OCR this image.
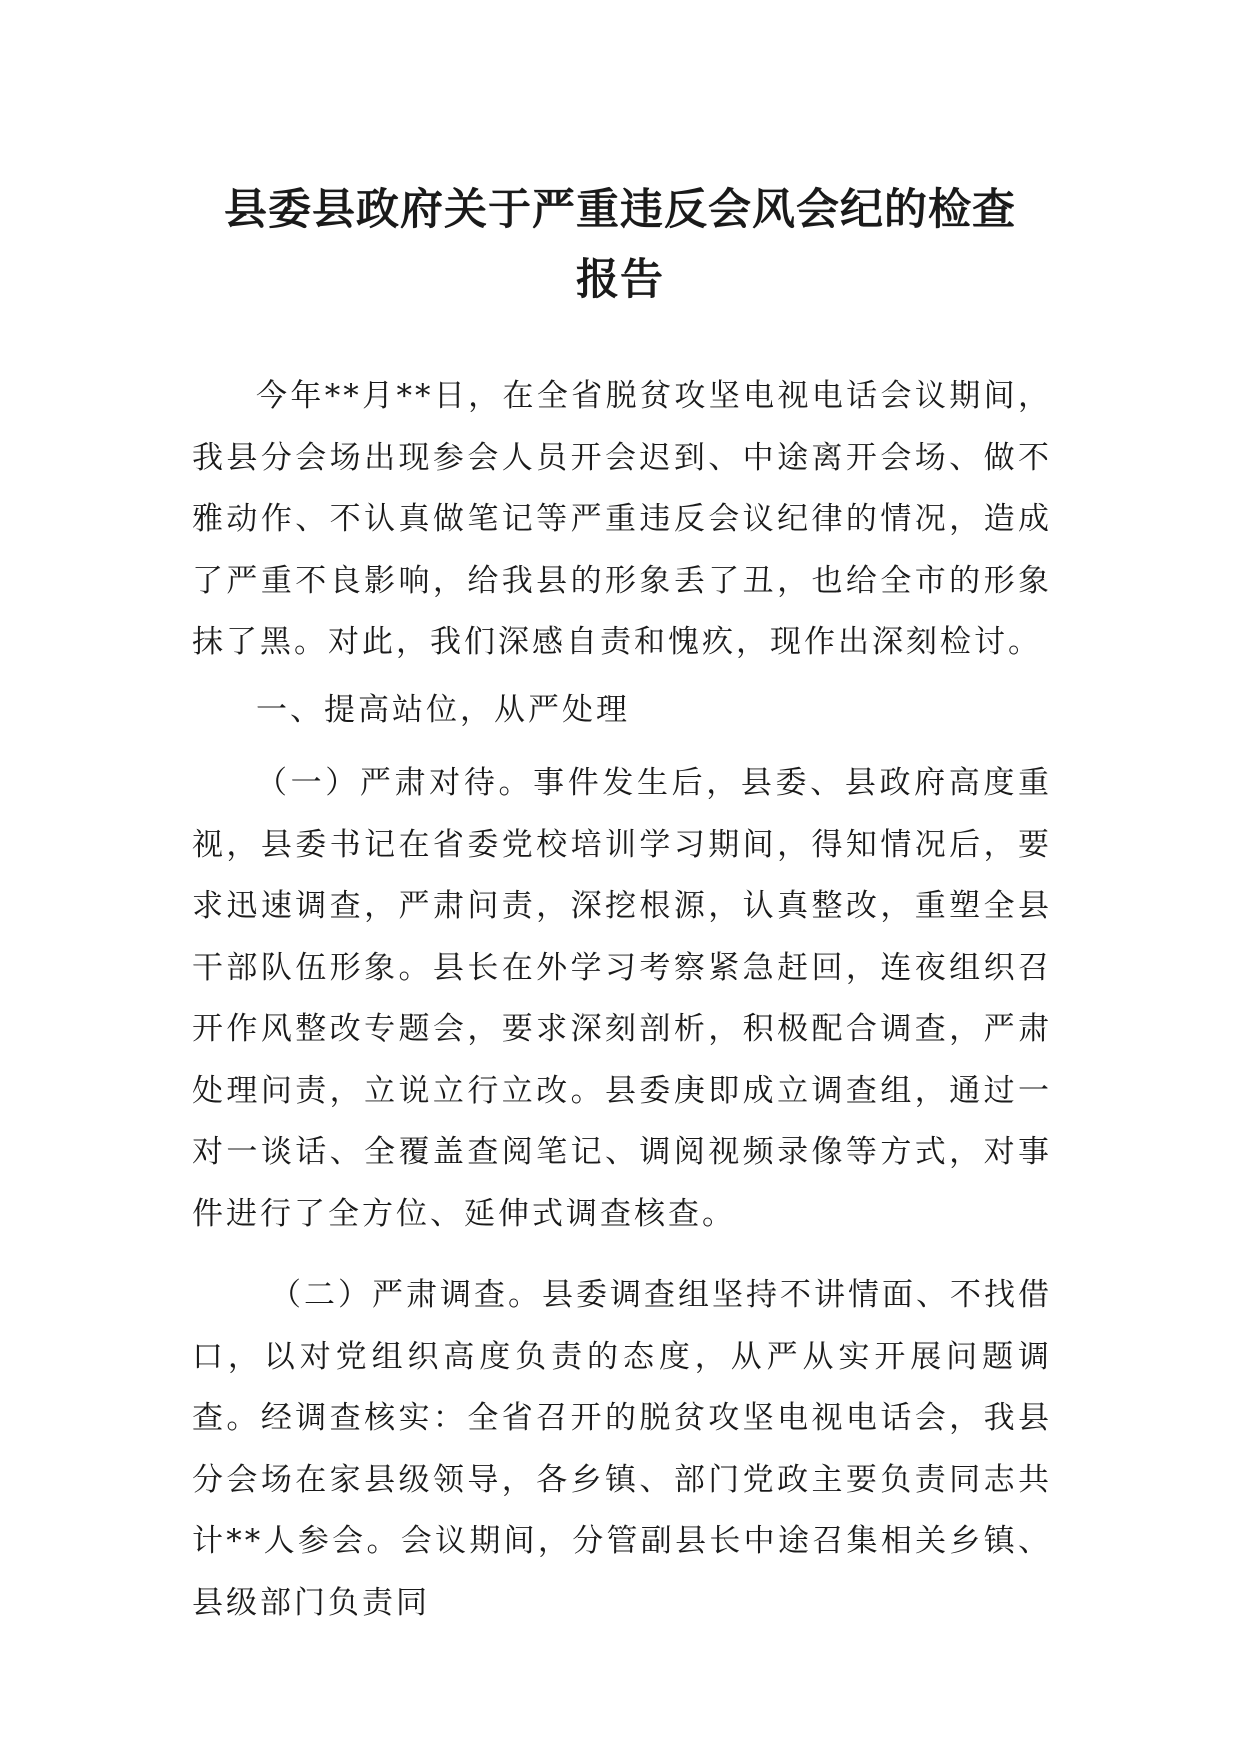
县委县政府关于严重违反会风会纪的检查
报告

今年**月**日，在全省脱贫攻坚电视电话会议期间，我县分会场出现参会人员开会迟到、中途离开会场、做不雅动作、不认真做笔记等严重违反会议纪律的情况，造成了严重不良影响，给我县的形象丢了丑，也给全市的形象抹了黑。对此，我们深感自责和愧疚，现作出深刻检讨。

一、提高站位，从严处理

（一）严肃对待。事件发生后，县委、县政府高度重视，县委书记在省委党校培训学习期间，得知情况后，要求迅速调查，严肃问责，深挖根源，认真整改，重塑全县干部队伍形象。县长在外学习考察紧急赶回，连夜组织召开作风整改专题会，要求深刻剖析，积极配合调查，严肃处理问责，立说立行立改。县委庚即成立调查组，通过一对一谈话、全覆盖查阅笔记、调阅视频录像等方式，对事件进行了全方位、延伸式调查核查。

（二）严肃调查。县委调查组坚持不讲情面、不找借口，以对党组织高度负责的态度，从严从实开展问题调查。经调查核实：全省召开的脱贫攻坚电视电话会，我县分会场在家县级领导，各乡镇、部门党政主要负责同志共计**人参会。会议期间，分管副县长中途召集相关乡镇、县级部门负责同
